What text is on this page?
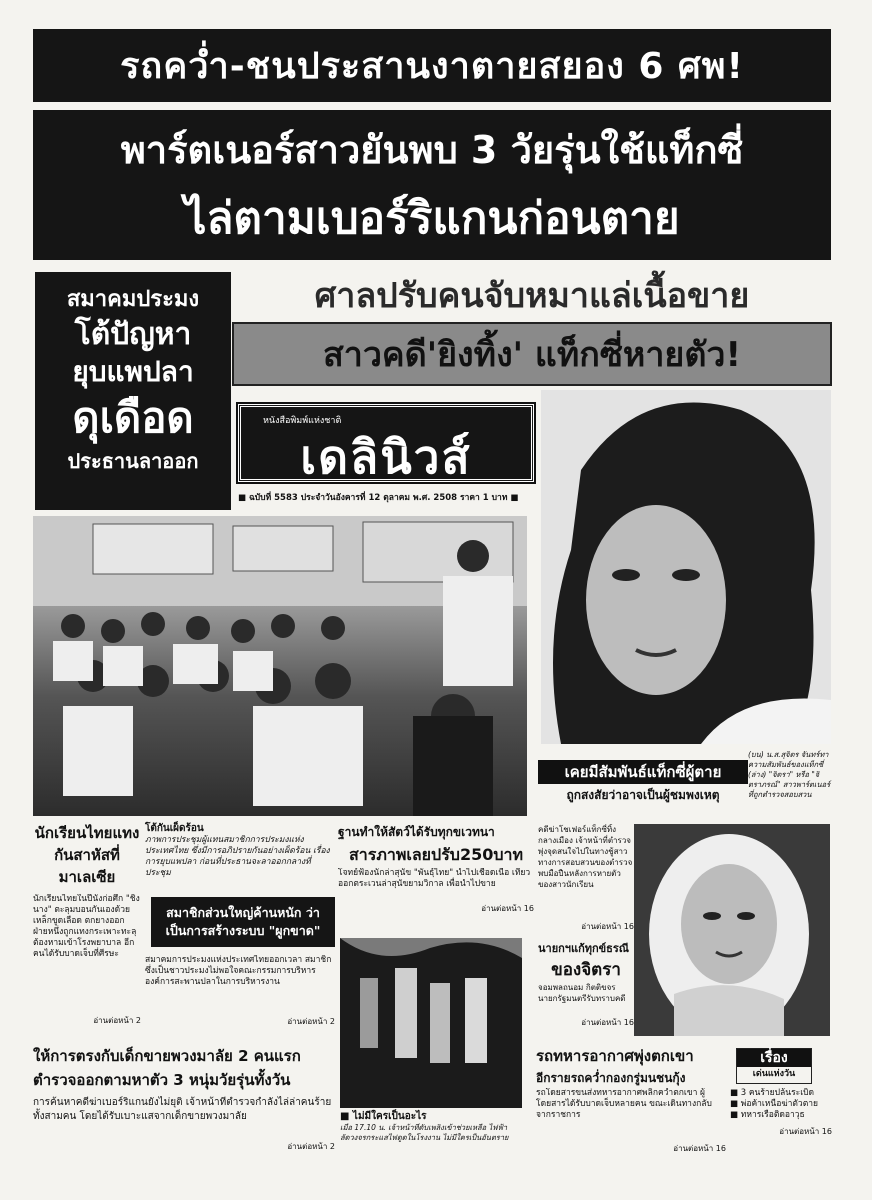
รถคว่ำ-ชนประสานงาตายสยอง 6 ศพ!
พาร์ตเนอร์สาวยันพบ 3 วัยรุ่นใช้แท็กซี่
ไล่ตามเบอร์ริแกนก่อนตาย
ศาลปรับคนจับหมาแล่เนื้อขาย
สาวคดี'ยิงทิ้ง' แท็กซี่หายตัว!
สมาคมประมง
โต้ปัญหา
ยุบแพปลา
ดุเดือด
ประธานลาออก
หนังสือพิมพ์แห่งชาติ
เดลินิวส์
■ ฉบับที่ 5583 ประจำวันอังคารที่ 12 ตุลาคม พ.ศ. 2508 ราคา 1 บาท ■
(บน) น.ส.สุจิตร จันทร์ทา ความสัมพันธ์ของแท็กซี่ (ล่าง) "จิตรา" หรือ "จิตราภรณ์" สาวพาร์ตเนอร์ที่ถูกตำรวจสอบสวน
เคยมีสัมพันธ์แท็กซี่ผู้ตาย
ถูกสงสัยว่าอาจเป็นผู้ชมพงเหตุ
นักเรียนไทยแทงกันสาหัสที่มาเลเซีย
นักเรียนไทยในปีนังก่อศึก "ชิงนาง" ตะลุมบอนกันเองด้วยเหล็กขูดเลือด ตกยางออก ฝ่ายหนึ่งถูกแทงกระเพาะทะลุต้องหามเข้าโรงพยาบาล อีกคนได้รับบาดเจ็บที่ศีรษะ
อ่านต่อหน้า 2
โต้กันเผ็ดร้อน
ภาพการประชุมผู้แทนสมาชิกการประมงแห่งประเทศไทย ซึ่งมีการอภิปรายกันอย่างเผ็ดร้อน เรื่องการยุบแพปลา ก่อนที่ประธานจะลาออกกลางที่ประชุม
สมาชิกส่วนใหญ่ค้านหนัก ว่าเป็นการสร้างระบบ "ผูกขาด"
สมาคมการประมงแห่งประเทศไทยออกเวลา สมาชิกซึ่งเป็นชาวประมงไม่พอใจคณะกรรมการบริหาร องค์การสะพานปลาในการบริหารงาน
อ่านต่อหน้า 2
ฐานทำให้สัตว์ได้รับทุกขเวทนา
สารภาพเลยปรับ250บาท
โจทย์ฟ้องนักล่าสุนัข "พันธุ์ไทย" นำไปเชือดเนื้อ เที่ยวออกตระเวนล่าสุนัขยามวิกาล เพื่อนำไปขาย
อ่านต่อหน้า 16
■ ไม่มีใครเป็นอะไร
เมื่อ 17.10 น. เจ้าหน้าที่ดับเพลิงเข้าช่วยเหลือ ไฟฟ้าลัดวงจรกระแสไฟดูดในโรงงาน ไม่มีใครเป็นอันตราย
คดีฆ่าโชเฟอร์แท็กซี่ทิ้งกลางเมือง เจ้าหน้าที่ตำรวจพุ่งจุดสนใจไปในทางชู้สาว ทางการสอบสวนของตำรวจพบมือปืนหลังการหายตัวของสาวนักเรียน
อ่านต่อหน้า 16
นายกฯแก้ทุกข์ธรณี
ของจิตรา
จอมพลถนอม กิตติขจร นายกรัฐมนตรีรับทราบคดี
อ่านต่อหน้า 16
ให้การตรงกับเด็กขายพวงมาลัย 2 คนแรก
ตำรวจออกตามหาตัว 3 หนุ่มวัยรุ่นทั้งวัน
การค้นหาคดีฆ่าเบอร์ริแกนยังไม่ยุติ เจ้าหน้าที่ตำรวจกำลังไล่ล่าคนร้ายทั้งสามคน โดยได้รับเบาะแสจากเด็กขายพวงมาลัย
อ่านต่อหน้า 2
รถทหารอากาศพุ่งตกเขา
อีกรายรถคว่ำกองกรู่มนชนกุ้ง
รถโดยสารขนส่งทหารอากาศพลิกคว่ำตกเขา ผู้โดยสารได้รับบาดเจ็บหลายคน ขณะเดินทางกลับจากราชการ
อ่านต่อหน้า 16
เรื่อง
เด่นแห่งวัน
■ 3 คนร้ายปล้นระเบิด
■ พ่อค้าเหนือฆ่าตัวตาย
■ ทหารเรือติดอาวุธ
อ่านต่อหน้า 16
